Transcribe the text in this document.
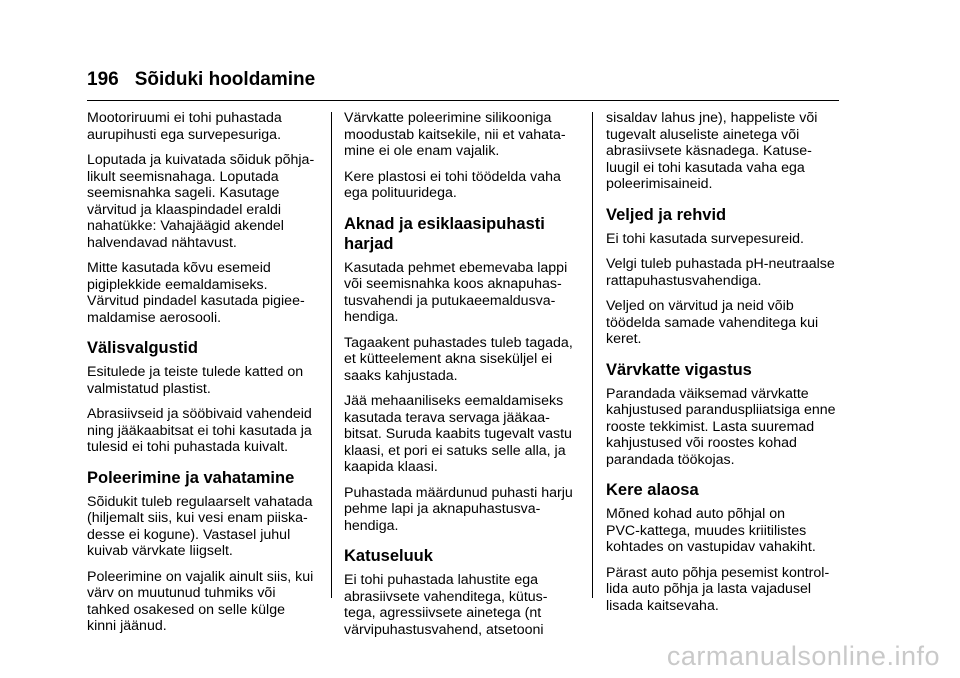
196 Sõiduki hooldamine

Mootoriruumi ei tohi puhastada
aurupihusti ega survepesuriga.

Loputada ja kuivatada sõiduk põhja-
likult seemisnahaga. Loputada
seemisnahka sageli. Kasutage
värvitud ja klaaspindadel eraldi
nahatükke: Vahajäägid akendel
halvendavad nähtavust.

Mitte kasutada kõvu esemeid
pigiplekkide eemaldamiseks.
Värvitud pindadel kasutada pigiee-
maldamise aerosooli.

Välisvalgustid

Esitulede ja teiste tulede katted on
valmistatud plastist.

Abrasiivseid ja sööbivaid vahendeid
ning jääkaabitsat ei tohi kasutada ja
tulesid ei tohi puhastada kuivalt.

Poleerimine ja vahatamine

Sõidukit tuleb regulaarselt vahatada
(hiljemalt siis, kui vesi enam piiska-
desse ei kogune). Vastasel juhul
kuivab värvkate liigselt.

Poleerimine on vajalik ainult siis, kui
värv on muutunud tuhmiks või
tahked osakesed on selle külge
kinni jäänud.

Värvkatte poleerimine silikooniga
moodustab kaitsekile, nii et vahata-
mine ei ole enam vajalik.

Kere plastosi ei tohi töödelda vaha
ega polituuridega.

Aknad ja esiklaasipuhasti
harjad

Kasutada pehmet ebemevaba lappi
või seemisnahka koos aknapuhas-
tusvahendi ja putukaeemaldusva-
hendiga.

Tagaakent puhastades tuleb tagada,
et kütteelement akna siseküljel ei
saaks kahjustada.

Jää mehaaniliseks eemaldamiseks
kasutada terava servaga jääkaa-
bitsat. Suruda kaabits tugevalt vastu
klaasi, et pori ei satuks selle alla, ja
kaapida klaasi.

Puhastada määrdunud puhasti harju
pehme lapi ja aknapuhastusva-
hendiga.

Katuseluuk

Ei tohi puhastada lahustite ega
abrasiivsete vahenditega, kütus-
tega, agressiivsete ainetega (nt
värvipuhastusvahend, atsetooni

sisaldav lahus jne), happeliste või
tugevalt aluseliste ainetega või
abrasiivsete käsnadega. Katuse-
luugil ei tohi kasutada vaha ega
poleerimisaineid.

Veljed ja rehvid

Ei tohi kasutada survepesureid.

Velgi tuleb puhastada pH-neutraalse
rattapuhastusvahendiga.

Veljed on värvitud ja neid võib
töödelda samade vahenditega kui
keret.

Värvkatte vigastus

Parandada väiksemad värvkatte
kahjustused paranduspliiatsiga enne
rooste tekkimist. Lasta suuremad
kahjustused või roostes kohad
parandada töökojas.

Kere alaosa

Mõned kohad auto põhjal on
PVC-kattega, muudes kriitilistes
kohtades on vastupidav vahakiht.

Pärast auto põhja pesemist kontrol-
lida auto põhja ja lasta vajadusel
lisada kaitsevaha.

carmanualsonline.info
